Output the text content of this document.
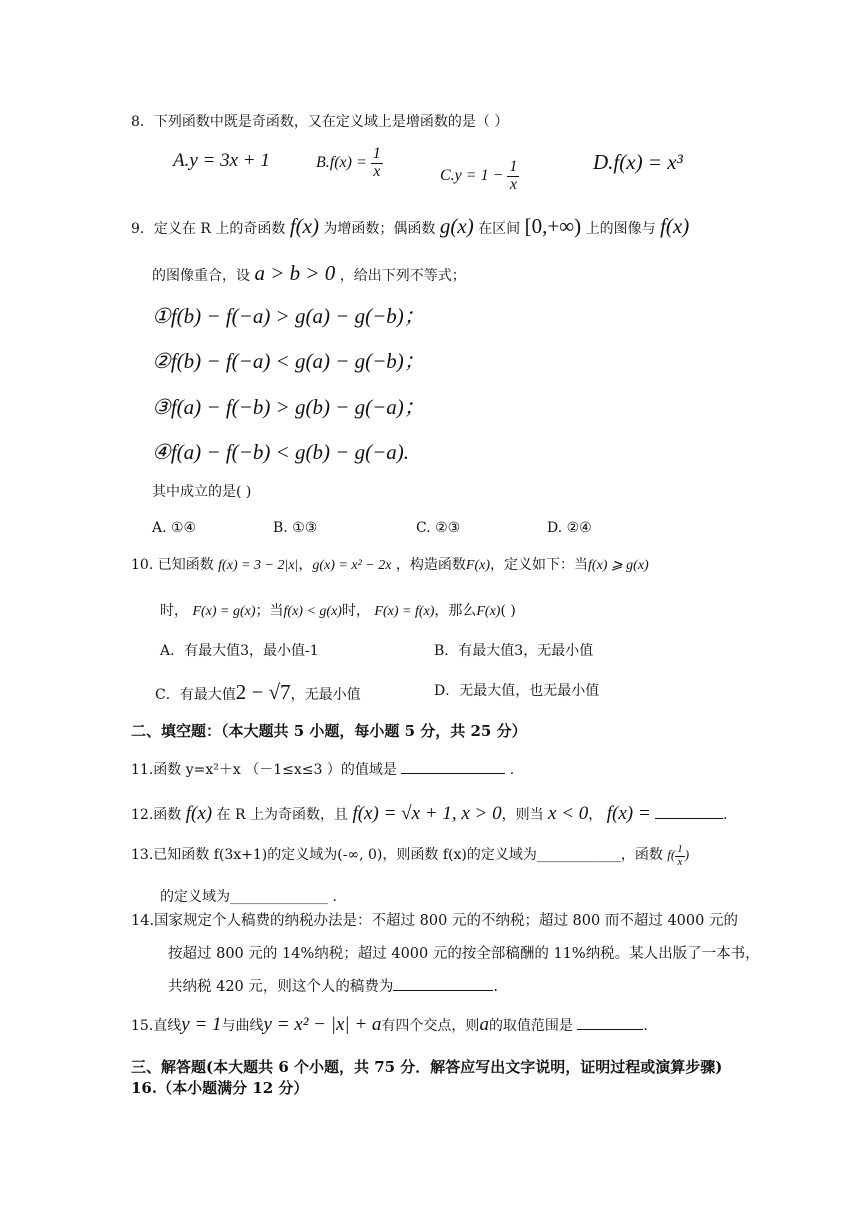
8．下列函数中既是奇函数，又在定义域上是增函数的是（ ）
A.y = 3x + 1	$B.f(x) = \frac{1}{x}$	$C.y = 1 - \frac{1}{x}$	D.f(x) = x³
9．定义在 R 上的奇函数 f(x) 为增函数；偶函数 g(x) 在区间 [0,+∞) 上的图像与 f(x)
的图像重合，设 a > b > 0 ，给出下列不等式；
①f(b) − f(−a) > g(a) − g(−b)；
②f(b) − f(−a) < g(a) − g(−b)；
③f(a) − f(−b) > g(b) − g(−a)；
④f(a) − f(−b) < g(b) − g(−a).
其中成立的是( )
A. ①④	B. ①③	C. ②③	D. ②④
10. 已知函数 f(x) = 3 − 2|x|，g(x) = x² − 2x ，构造函数F(x)，定义如下：当f(x) ⩾ g(x)
时， F(x) = g(x)；当f(x) < g(x)时， F(x) = f(x)，那么F(x)( )
A．有最大值3，最小值-1	B．有最大值3，无最小值
C．有最大值2 − √7，无最小值	D．无最大值，也无最小值
二、填空题：（本大题共 5 小题，每小题 5 分，共 25 分）
11.函数 y=x²＋x （－1≤x≤3 ）的值域是	.
12.函数 f(x) 在 R 上为奇函数，且 f(x) = √x + 1, x > 0，则当 x < 0， f(x) =	.
13.已知函数 f(3x+1)的定义域为(-∞, 0)，则函数 f(x)的定义域为____________，函数 $f( \frac{1}{x}$ )
的定义域为______________ .
14.国家规定个人稿费的纳税办法是：不超过 800 元的不纳税；超过 800 而不超过 4000 元的
按超过 800 元的 14%纳税；超过 4000 元的按全部稿酬的 11%纳税。某人出版了一本书，
共纳税 420 元，则这个人的稿费为	.
15.直线y = 1与曲线y = x² − |x| + a有四个交点，则a的取值范围是	.
三、解答题(本大题共 6 个小题，共 75 分．解答应写出文字说明，证明过程或演算步骤)
16.（本小题满分 12 分）
